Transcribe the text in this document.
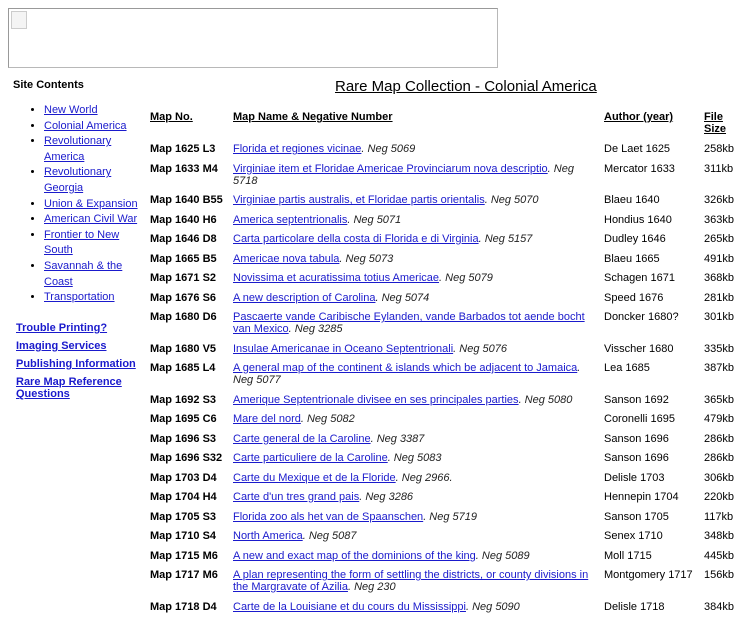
Site Contents
• New World
• Colonial America
• Revolutionary America
• Revolutionary Georgia
• Union & Expansion
• American Civil War
• Frontier to New South
• Savannah & the Coast
• Transportation
Trouble Printing?
Imaging Services
Publishing Information
Rare Map Reference Questions
Rare Map Collection - Colonial America
Map No.	Map Name & Negative Number	Author (year)	File Size
Map 1625 L3	Florida et regiones vicinae. Neg 5069	De Laet 1625	258kb
Map 1633 M4	Virginiae item et Floridae Americae Provinciarum nova descriptio. Neg 5718	Mercator 1633	311kb
Map 1640 B55	Virginiae partis australis, et Floridae partis orientalis. Neg 5070	Blaeu 1640	326kb
Map 1640 H6	America septentrionalis. Neg 5071	Hondius 1640	363kb
Map 1646 D8	Carta particolare della costa di Florida e di Virginia. Neg 5157	Dudley 1646	265kb
Map 1665 B5	Americae nova tabula. Neg 5073	Blaeu 1665	491kb
Map 1671 S2	Novissima et acuratissima totius Americae. Neg 5079	Schagen 1671	368kb
Map 1676 S6	A new description of Carolina. Neg 5074	Speed 1676	281kb
Map 1680 D6	Pascaerte vande Caribische Eylanden, vande Barbados tot aende bocht van Mexico. Neg 3285	Doncker 1680?	301kb
Map 1680 V5	Insulae Americanae in Oceano Septentrionali. Neg 5076	Visscher 1680	335kb
Map 1685 L4	A general map of the continent & islands which be adjacent to Jamaica. Neg 5077	Lea 1685	387kb
Map 1692 S3	Amerique Septentrionale divisee en ses principales parties. Neg 5080	Sanson 1692	365kb
Map 1695 C6	Mare del nord. Neg 5082	Coronelli 1695	479kb
Map 1696 S3	Carte general de la Caroline. Neg 3387	Sanson 1696	286kb
Map 1696 S32	Carte particuliere de la Caroline. Neg 5083	Sanson 1696	286kb
Map 1703 D4	Carte du Mexique et de la Floride. Neg 2966.	Delisle 1703	306kb
Map 1704 H4	Carte d'un tres grand pais. Neg 3286	Hennepin 1704	220kb
Map 1705 S3	Florida zoo als het van de Spaanschen. Neg 5719	Sanson 1705	117kb
Map 1710 S4	North America. Neg 5087	Senex 1710	348kb
Map 1715 M6	A new and exact map of the dominions of the king. Neg 5089	Moll 1715	445kb
Map 1717 M6	A plan representing the form of settling the districts, or county divisions in the Margravate of Azilia. Neg 230	Montgomery 1717	156kb
Map 1718 D4	Carte de la Louisiane et du cours du Mississippi. Neg 5090	Delisle 1718	384kb
